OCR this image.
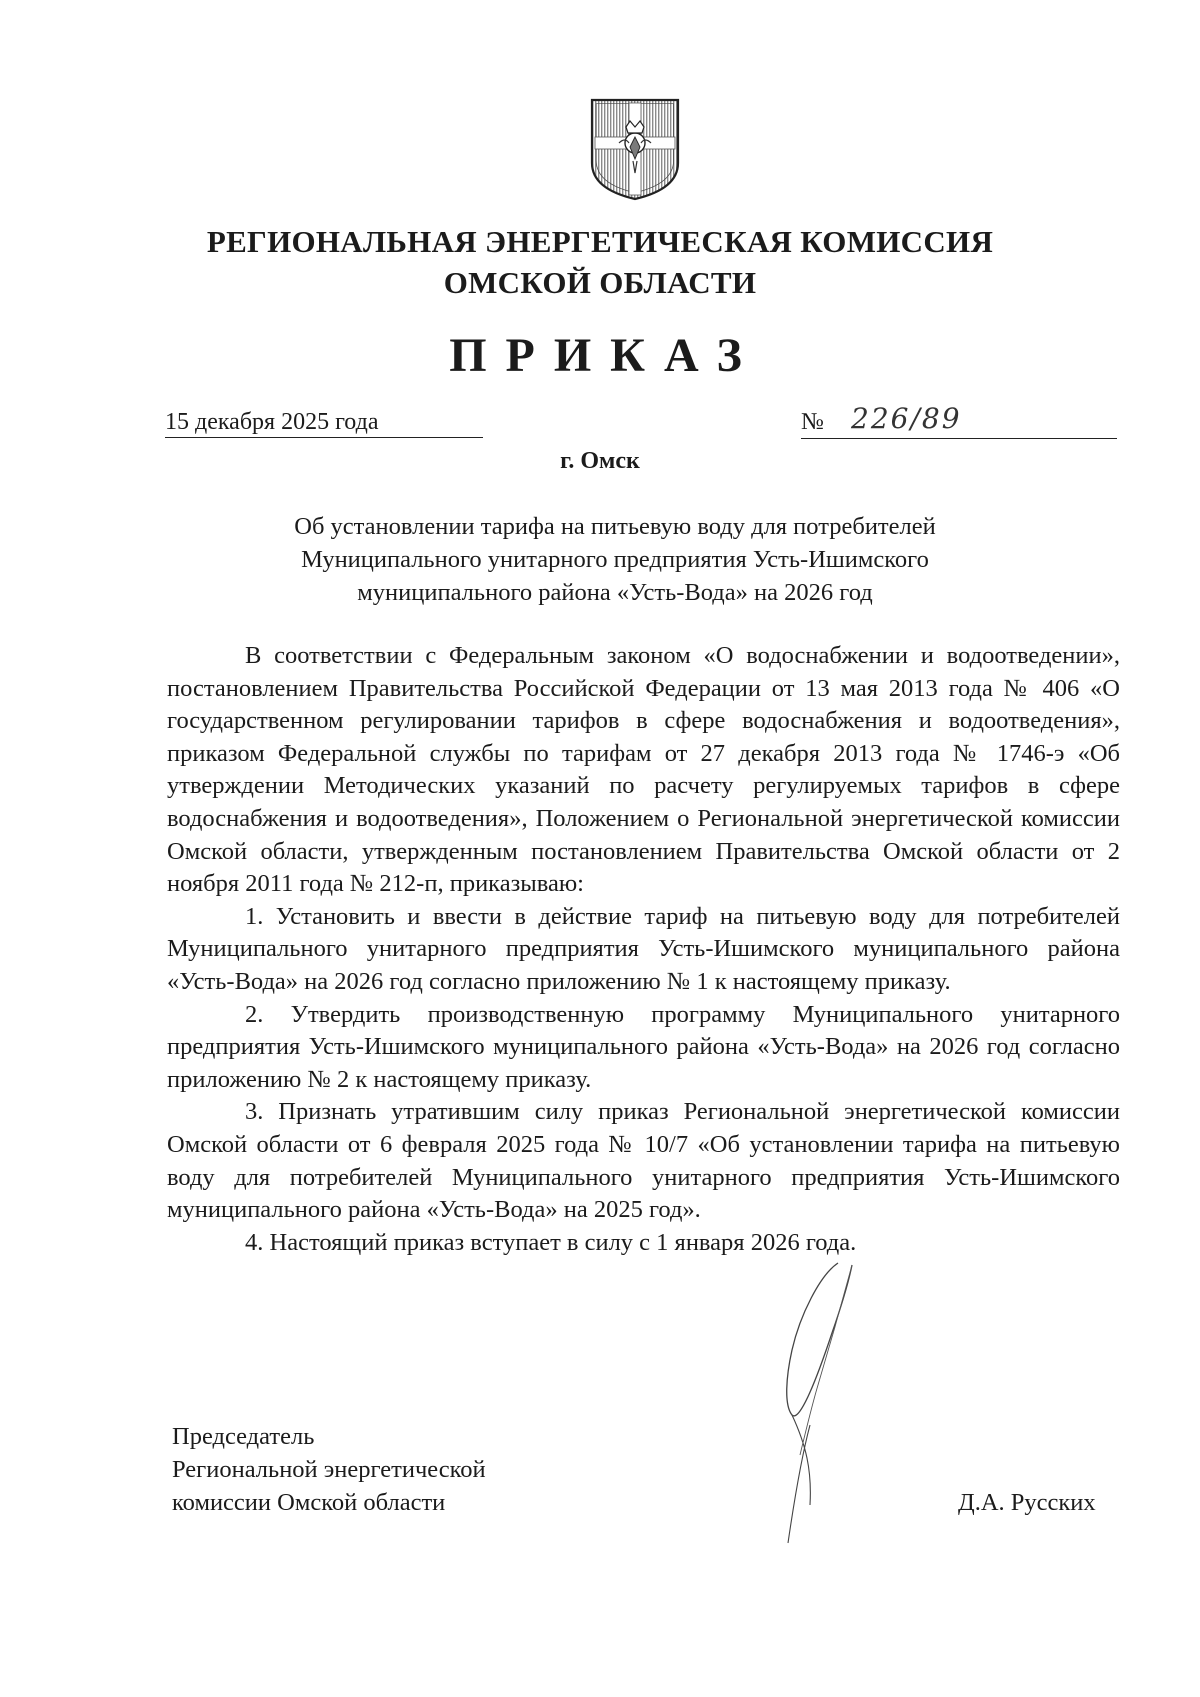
РЕГИОНАЛЬНАЯ ЭНЕРГЕТИЧЕСКАЯ КОМИССИЯ
ОМСКОЙ ОБЛАСТИ
ПРИКАЗ
15 декабря 2025 года	№ 226/89
г. Омск
Об установлении тарифа на питьевую воду для потребителей
Муниципального унитарного предприятия Усть-Ишимского
муниципального района «Усть-Вода» на 2026 год

В соответствии с Федеральным законом «О водоснабжении и водоотведении», постановлением Правительства Российской Федерации от 13 мая 2013 года № 406 «О государственном регулировании тарифов в сфере водоснабжения и водоотведения», приказом Федеральной службы по тарифам от 27 декабря 2013 года № 1746-э «Об утверждении Методических указаний по расчету регулируемых тарифов в сфере водоснабжения и водоотведения», Положением о Региональной энергетической комиссии Омской области, утвержденным постановлением Правительства Омской области от 2 ноября 2011 года № 212-п, приказываю:

1. Установить и ввести в действие тариф на питьевую воду для потребителей Муниципального унитарного предприятия Усть-Ишимского муниципального района «Усть-Вода» на 2026 год согласно приложению № 1 к настоящему приказу.

2. Утвердить производственную программу Муниципального унитарного предприятия Усть-Ишимского муниципального района «Усть-Вода» на 2026 год согласно приложению № 2 к настоящему приказу.

3. Признать утратившим силу приказ Региональной энергетической комиссии Омской области от 6 февраля 2025 года № 10/7 «Об установлении тарифа на питьевую воду для потребителей Муниципального унитарного предприятия Усть-Ишимского муниципального района «Усть-Вода» на 2025 год».

4. Настоящий приказ вступает в силу с 1 января 2026 года.

Председатель
Региональной энергетической
комиссии Омской области	Д.А. Русских
